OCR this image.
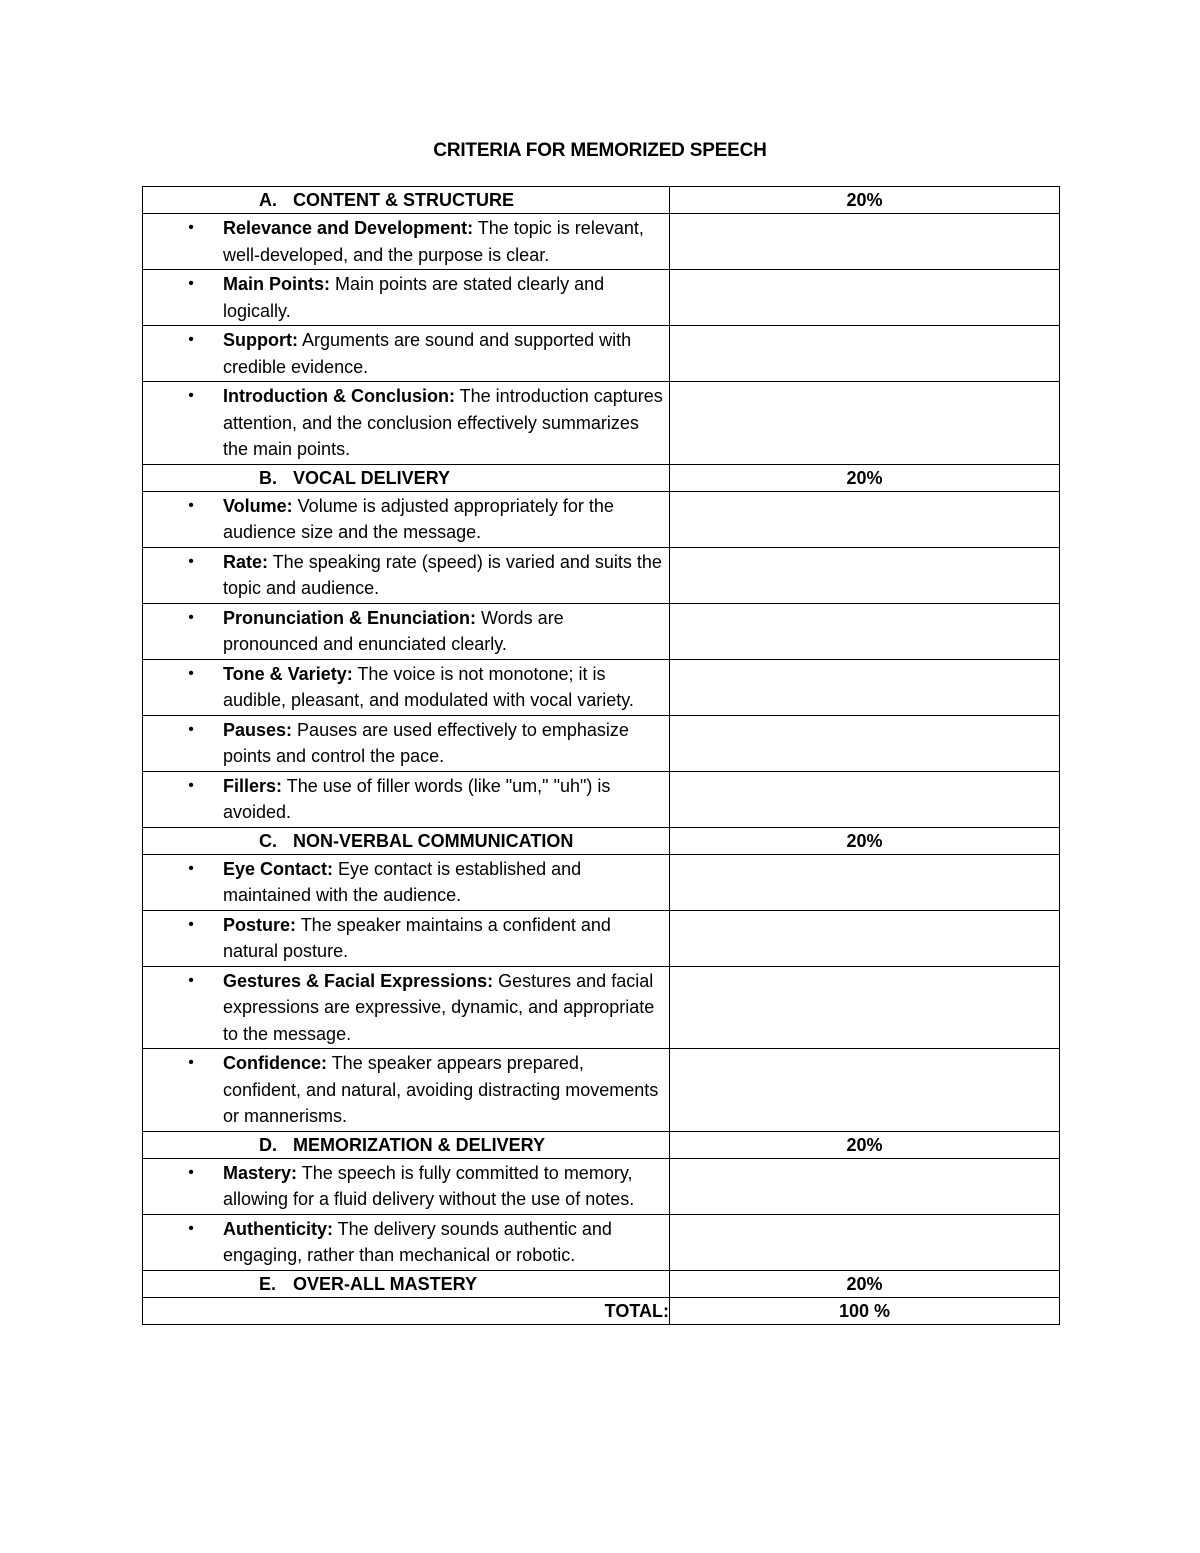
CRITERIA FOR MEMORIZED SPEECH
A. CONTENT & STRUCTURE	20%

• Relevance and Development: The topic is relevant, well-developed, and the purpose is clear.	

• Main Points: Main points are stated clearly and logically.	

• Support: Arguments are sound and supported with credible evidence.	

• Introduction & Conclusion: The introduction captures attention, and the conclusion effectively summarizes the main points.	

B. VOCAL DELIVERY	20%

• Volume: Volume is adjusted appropriately for the audience size and the message.	

• Rate: The speaking rate (speed) is varied and suits the topic and audience.	

• Pronunciation & Enunciation: Words are pronounced and enunciated clearly.	

• Tone & Variety: The voice is not monotone; it is audible, pleasant, and modulated with vocal variety.	

• Pauses: Pauses are used effectively to emphasize points and control the pace.	

• Fillers: The use of filler words (like "um," "uh") is avoided.	

C. NON-VERBAL COMMUNICATION	20%

• Eye Contact: Eye contact is established and maintained with the audience.	

• Posture: The speaker maintains a confident and natural posture.	

• Gestures & Facial Expressions: Gestures and facial expressions are expressive, dynamic, and appropriate to the message.	

• Confidence: The speaker appears prepared, confident, and natural, avoiding distracting movements or mannerisms.	

D. MEMORIZATION & DELIVERY	20%

• Mastery: The speech is fully committed to memory, allowing for a fluid delivery without the use of notes.	

• Authenticity: The delivery sounds authentic and engaging, rather than mechanical or robotic.	

E. OVER-ALL MASTERY	20%
TOTAL:	100 %
